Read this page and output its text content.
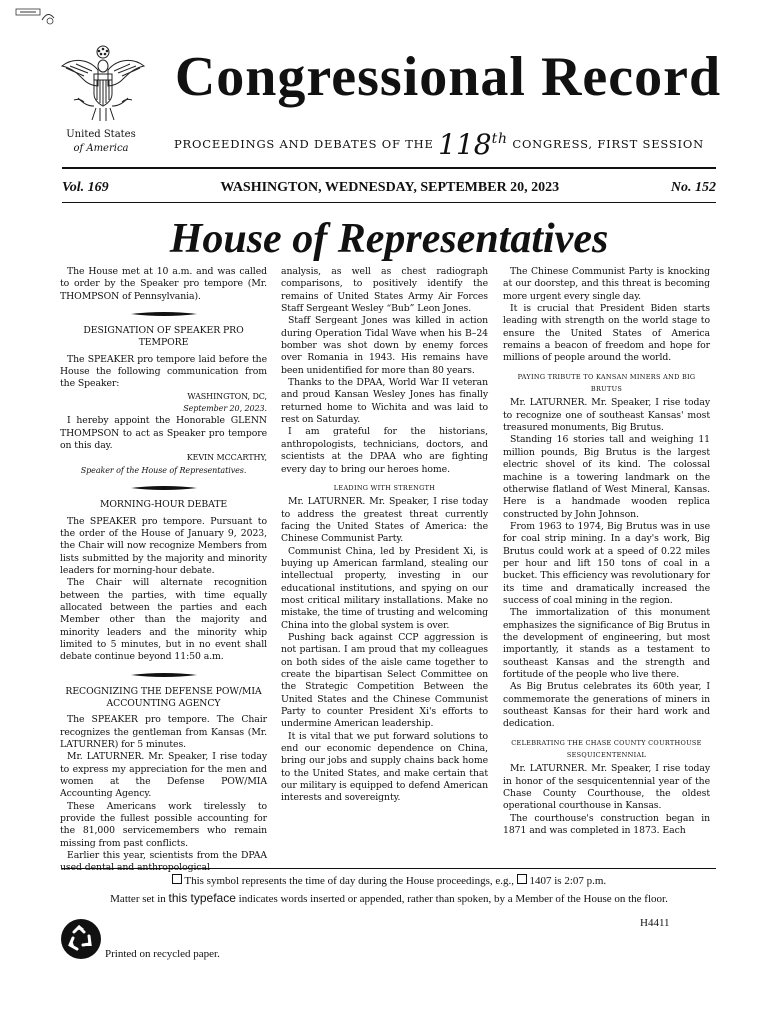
United States
of America
Congressional Record
PROCEEDINGS AND DEBATES OF THE 118th CONGRESS, FIRST SESSION
Vol. 169	WASHINGTON, WEDNESDAY, SEPTEMBER 20, 2023	No. 152
House of Representatives

The House met at 10 a.m. and was called to order by the Speaker pro tempore (Mr. THOMPSON of Pennsylvania).

DESIGNATION OF SPEAKER PRO TEMPORE

The SPEAKER pro tempore laid before the House the following communication from the Speaker:

WASHINGTON, DC,
September 20, 2023.

I hereby appoint the Honorable GLENN THOMPSON to act as Speaker pro tempore on this day.

KEVIN MCCARTHY,
Speaker of the House of Representatives.
MORNING-HOUR DEBATE

The SPEAKER pro tempore. Pursuant to the order of the House of January 9, 2023, the Chair will now recognize Members from lists submitted by the majority and minority leaders for morning-hour debate.

The Chair will alternate recognition between the parties, with time equally allocated between the parties and each Member other than the majority and minority leaders and the minority whip limited to 5 minutes, but in no event shall debate continue beyond 11:50 a.m.

RECOGNIZING THE DEFENSE POW/MIA ACCOUNTING AGENCY

The SPEAKER pro tempore. The Chair recognizes the gentleman from Kansas (Mr. LATURNER) for 5 minutes.

Mr. LATURNER. Mr. Speaker, I rise today to express my appreciation for the men and women at the Defense POW/MIA Accounting Agency.

These Americans work tirelessly to provide the fullest possible accounting for the 81,000 servicemembers who remain missing from past conflicts.

Earlier this year, scientists from the DPAA used dental and anthropological

analysis, as well as chest radiograph comparisons, to positively identify the remains of United States Army Air Forces Staff Sergeant Wesley “Bub” Leon Jones.

Staff Sergeant Jones was killed in action during Operation Tidal Wave when his B–24 bomber was shot down by enemy forces over Romania in 1943. His remains have been unidentified for more than 80 years.

Thanks to the DPAA, World War II veteran and proud Kansan Wesley Jones has finally returned home to Wichita and was laid to rest on Saturday.

I am grateful for the historians, anthropologists, technicians, doctors, and scientists at the DPAA who are fighting every day to bring our heroes home.

LEADING WITH STRENGTH

Mr. LATURNER. Mr. Speaker, I rise today to address the greatest threat currently facing the United States of America: the Chinese Communist Party.

Communist China, led by President Xi, is buying up American farmland, stealing our intellectual property, investing in our educational institutions, and spying on our most critical military installations. Make no mistake, the time of trusting and welcoming China into the global system is over.

Pushing back against CCP aggression is not partisan. I am proud that my colleagues on both sides of the aisle came together to create the bipartisan Select Committee on the Strategic Competition Between the United States and the Chinese Communist Party to counter President Xi's efforts to undermine American leadership.

It is vital that we put forward solutions to end our economic dependence on China, bring our jobs and supply chains back home to the United States, and make certain that our military is equipped to defend American interests and sovereignty.

The Chinese Communist Party is knocking at our doorstep, and this threat is becoming more urgent every single day.

It is crucial that President Biden starts leading with strength on the world stage to ensure the United States of America remains a beacon of freedom and hope for millions of people around the world.

PAYING TRIBUTE TO KANSAN MINERS AND BIG BRUTUS

Mr. LATURNER. Mr. Speaker, I rise today to recognize one of southeast Kansas' most treasured monuments, Big Brutus.

Standing 16 stories tall and weighing 11 million pounds, Big Brutus is the largest electric shovel of its kind. The colossal machine is a towering landmark on the otherwise flatland of West Mineral, Kansas. Here is a handmade wooden replica constructed by John Johnson.

From 1963 to 1974, Big Brutus was in use for coal strip mining. In a day's work, Big Brutus could work at a speed of 0.22 miles per hour and lift 150 tons of coal in a bucket. This efficiency was revolutionary for its time and dramatically increased the success of coal mining in the region.

The immortalization of this monument emphasizes the significance of Big Brutus in the development of engineering, but most importantly, it stands as a testament to southeast Kansas and the strength and fortitude of the people who live there.

As Big Brutus celebrates its 60th year, I commemorate the generations of miners in southeast Kansas for their hard work and dedication.

CELEBRATING THE CHASE COUNTY COURTHOUSE SESQUICENTENNIAL

Mr. LATURNER. Mr. Speaker, I rise today in honor of the sesquicentennial year of the Chase County Courthouse, the oldest operational courthouse in Kansas.

The courthouse's construction began in 1871 and was completed in 1873. Each

This symbol represents the time of day during the House proceedings, e.g., 1407 is 2:07 p.m.
Matter set in this typeface indicates words inserted or appended, rather than spoken, by a Member of the House on the floor.
H4411
Printed on recycled paper.
